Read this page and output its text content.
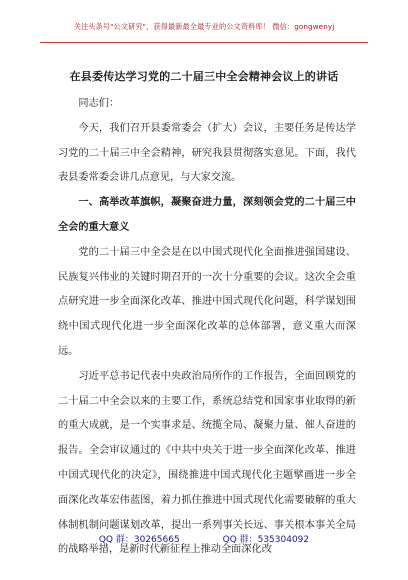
关注头条号"公文研究"，获得最新最全最专业的公文资料库！ 微信：gongwenyj
在县委传达学习党的二十届三中全会精神会议上的讲话

同志们：

今天，我们召开县委常委会（扩大）会议，主要任务是传达学习党的二十届三中全会精神，研究我县贯彻落实意见。下面，我代表县委常委会讲几点意见，与大家交流。

一、高举改革旗帜，凝聚奋进力量，深刻领会党的二十届三中全会的重大意义

党的二十届三中全会是在以中国式现代化全面推进强国建设、民族复兴伟业的关键时期召开的一次十分重要的会议。这次全会重点研究进一步全面深化改革、推进中国式现代化问题，科学谋划围绕中国式现代化进一步全面深化改革的总体部署，意义重大而深远。

习近平总书记代表中央政治局所作的工作报告，全面回顾党的二十届二中全会以来的主要工作，系统总结党和国家事业取得的新的重大成就，是一个实事求是、统揽全局、凝聚力量、催人奋进的报告。全会审议通过的《中共中央关于进一步全面深化改革、推进中国式现代化的决定》，围绕推进中国式现代化主题擘画进一步全面深化改革宏伟蓝图，着力抓住推进中国式现代化需要破解的重大体制机制问题谋划改革，提出一系列事关长远、事关根本事关全局的战略举措，是新时代新征程上推动全面深化改

QQ 群：30265665	QQ 群：535304092
